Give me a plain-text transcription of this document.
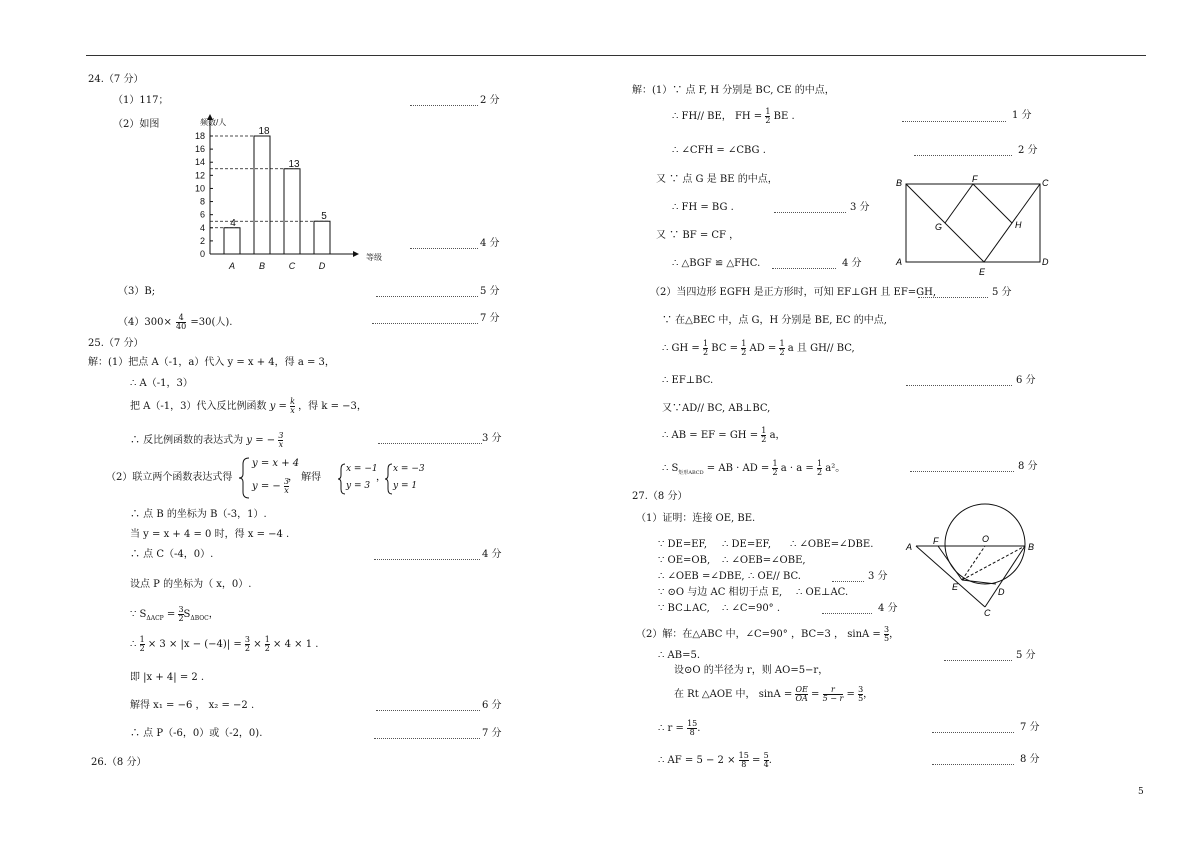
24.（7 分）
（1）117；	2 分
（2）如图
0
2
4
6
8
10
12
14
16
18
频数/人
等级
4
A
18
B
13
C
5
D
4 分
（3）B;	5 分
$(4)300\times \frac{4}{40} =30$(人).	7 分
25.（7 分）
解：(1）把点 A（-1，a）代入 y = x + 4，得 a = 3，
∴ A（-1，3）
把 A（-1，3）代入反比例函数 $y = \frac{k}{x}$ ，得 k = −3，
∴ 反比例函数的表达式为 y = − $\frac{3}{x}$	3 分
（2）联立两个函数表达式得
y = x + 4
y = − $\frac{3}{x}$
， 解得
x = −1
y = 3
，
x = −3
y = 1
∴ 点 B 的坐标为 B（-3，1）.
当 y = x + 4 = 0 时，得 x = −4 .
∴ 点 C（-4，0）.	4 分
设点 P 的坐标为（ x，0）.
∵ $S_{\Delta ACP} = \frac{3}{2} S_{\Delta BOC}$，
∴ $\frac{1}{2} \times 3 \times |x - (-4)| = \frac{3}{2} \times \frac{1}{2} \times 4 \times 1$ .
即 |x + 4| = 2 .
解得 x₁ = −6 ， x₂ = −2 .	6 分
∴ 点 P（-6，0）或（-2，0).	7 分
26.（8 分）
解：(1）∵ 点 F, H 分别是 BC, CE 的中点，
∴ FH// BE， FH = $\frac{1}{2}$ BE .	1 分
∴ ∠CFH = ∠CBG .	2 分
又 ∵ 点 G 是 BE 的中点，
∴ FH = BG .	3 分
又 ∵ BF = CF ，
∴ △BGF ≌ △FHC.	4 分
B	F	C
G	H
A
E
D
（2）当四边形 EGFH 是正方形时，可知 EF⊥GH 且 EF=GH,	5 分
∵ 在△BEC 中，点 G，H 分别是 BE, EC 的中点,
∴ GH = $\frac{1}{2}$ BC = $\frac{1}{2}$ AD = $\frac{1}{2}$ a 且 GH// BC,
∴ EF⊥BC.	6 分
又∵AD// BC, AB⊥BC,
∴ AB = EF = GH = $\frac{1}{2}$ a，
∴ $S_{矩形ABCD}$ = AB · AD = $\frac{1}{2}$ $a \cdot a = \frac{1}{2} a^2$。	8 分
27.（8 分）
（1）证明：连接 OE, BE.
∵ DE=EF, ∴ DE=EF, ∴ ∠OBE=∠DBE.
∵ OE=OB, ∴ ∠OEB=∠OBE,
∴ ∠OEB =∠DBE, ∴ OE// BC.	3 分
∵ ⊙O 与边 AC 相切于点 E, ∴ OE⊥AC.
∵ BC⊥AC, ∴ ∠C=90° .	4 分
A
F	O
B
E	D
C
（2）解：在△ABC 中，∠C=90° ，BC=3 ， $\sin A = \frac{3}{5}$ ，
∴ AB=5.	5 分
设⊙O 的半径为 r，则 AO=5−r，
在 Rt △AOE 中， $\sin A = \frac{OE}{OA} = \frac{r}{5 - r} = \frac{3}{5}$ ，
∴ $r = \frac{15}{8}$ .	7 分
∴ AF = $5 - 2 \times \frac{15}{8} = \frac{5}{4}$ .	8 分
5
